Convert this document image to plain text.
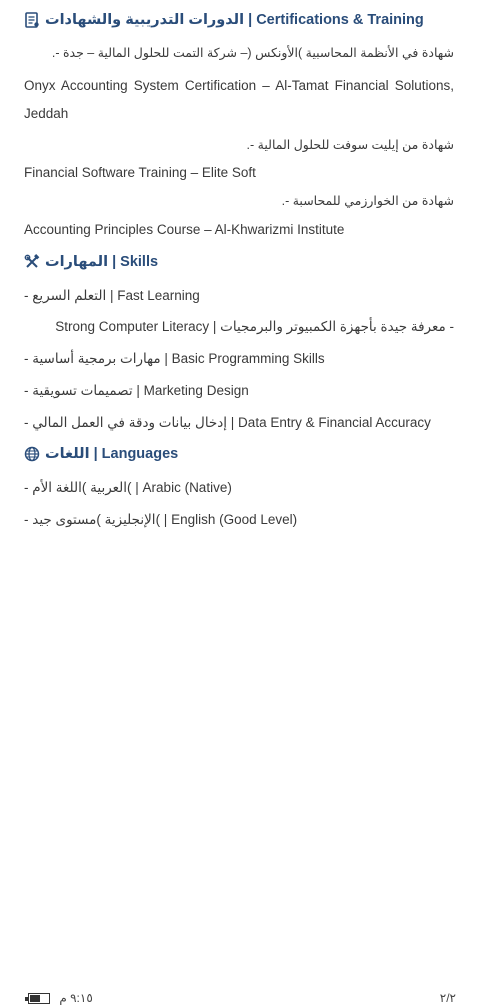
الدورات التدريبية والشهادات | Certifications & Training
شهادة في الأنظمة المحاسبية )الأونكس (– شركة التمت للحلول المالية – جدة -.
Onyx Accounting System Certification – Al-Tamat Financial Solutions, Jeddah
شهادة من إيليت سوفت للحلول المالية -.
Financial Software Training – Elite Soft
شهادة من الخوارزمي للمحاسبة -.
Accounting Principles Course – Al-Khwarizmi Institute
المهارات | Skills
- التعلم السريع | Fast Learning
- معرفة جيدة بأجهزة الكمبيوتر والبرمجيات | Strong Computer Literacy
- مهارات برمجية أساسية | Basic Programming Skills
- تصميمات تسويقية | Marketing Design
- إدخال بيانات ودقة في العمل المالي | Data Entry & Financial Accuracy
اللغات | Languages
- العربية )اللغة الأم( | Arabic (Native)
- الإنجليزية )مستوى جيد( | English (Good Level)
٩:١٥ م	٢/٢
